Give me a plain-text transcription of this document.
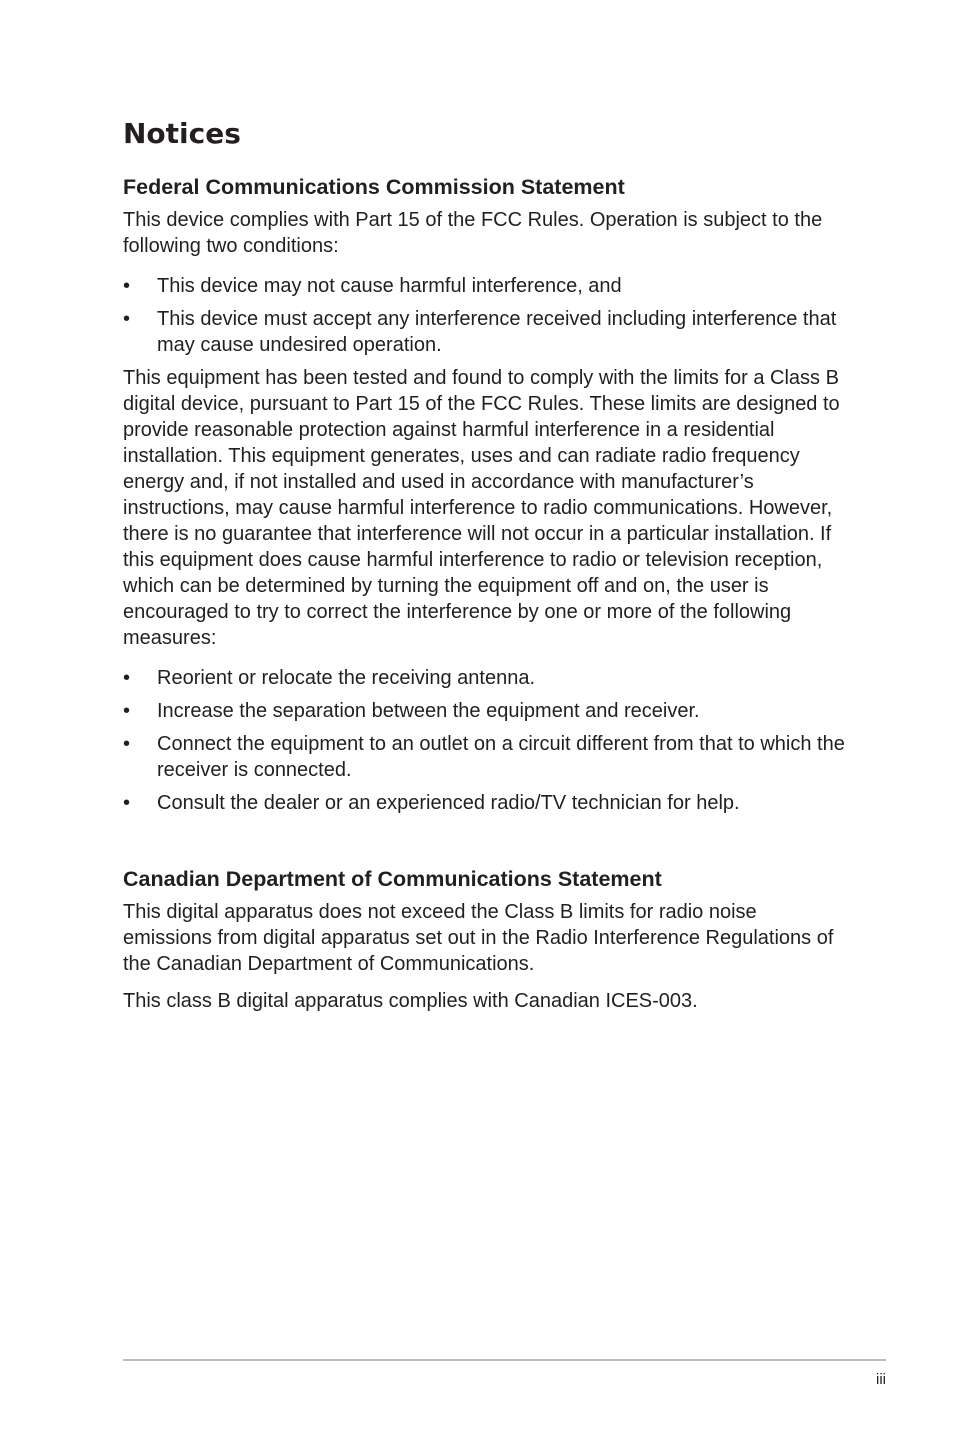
Notices
Federal Communications Commission Statement

This device complies with Part 15 of the FCC Rules. Operation is subject to the following two conditions:

•	This device may not cause harmful interference, and
•	This device must accept any interference received including interference that may cause undesired operation.

This equipment has been tested and found to comply with the limits for a Class B digital device, pursuant to Part 15 of the FCC Rules. These limits are designed to provide reasonable protection against harmful interference in a residential installation. This equipment generates, uses and can radiate radio frequency energy and, if not installed and used in accordance with manufacturer’s instructions, may cause harmful interference to radio communications. However, there is no guarantee that interference will not occur in a particular installation. If this equipment does cause harmful interference to radio or television reception, which can be determined by turning the equipment off and on, the user is encouraged to try to correct the interference by one or more of the following measures:

•	Reorient or relocate the receiving antenna.
•	Increase the separation between the equipment and receiver.
•	Connect the equipment to an outlet on a circuit different from that to which the receiver is connected.
•	Consult the dealer or an experienced radio/TV technician for help.
Canadian Department of Communications Statement

This digital apparatus does not exceed the Class B limits for radio noise emissions from digital apparatus set out in the Radio Interference Regulations of the Canadian Department of Communications.

This class B digital apparatus complies with Canadian ICES-003.

iii
